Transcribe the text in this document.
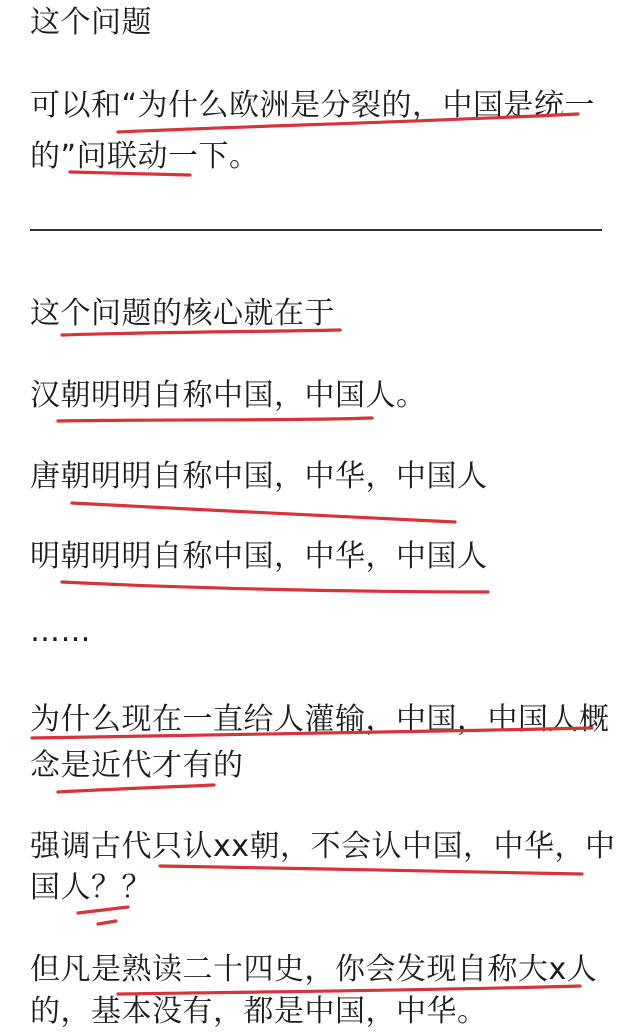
这个问题
可以和“为什么欧洲是分裂的，中国是统一
的”问联动一下。
这个问题的核心就在于
汉朝明明自称中国，中国人。
唐朝明明自称中国，中华，中国人
明朝明明自称中国，中华，中国人
……
为什么现在一直给人灌输，中国，中国人概
念是近代才有的
强调古代只认xx朝，不会认中国，中华，中
国人？？
但凡是熟读二十四史，你会发现自称大x人
的，基本没有，都是中国，中华。
